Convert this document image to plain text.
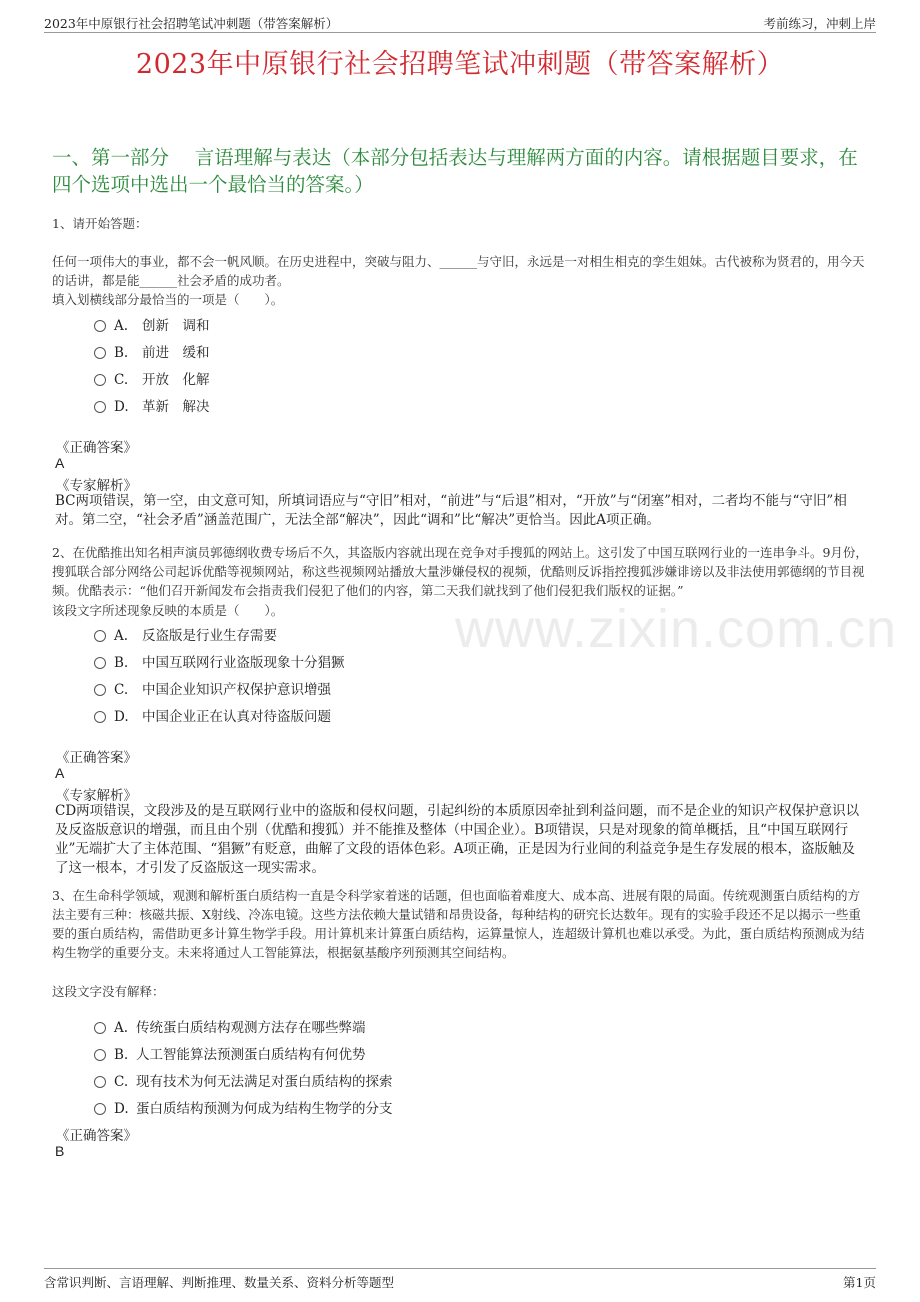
2023年中原银行社会招聘笔试冲刺题（带答案解析）	考前练习，冲刺上岸
2023年中原银行社会招聘笔试冲刺题（带答案解析）
一、第一部分　 言语理解与表达（本部分包括表达与理解两方面的内容。请根据题目要求，在四个选项中选出一个最恰当的答案。）

1、请开始答题：

任何一项伟大的事业，都不会一帆风顺。在历史进程中，突破与阻力、______与守旧，永远是一对相生相克的孪生姐妹。古代被称为贤君的，用今天的话讲，都是能______社会矛盾的成功者。

填入划横线部分最恰当的一项是（　　）。

A. 创新　调和
B. 前进　缓和
C. 开放　化解
D. 革新　解决
《正确答案》
A
《专家解析》

BC两项错误，第一空，由文意可知，所填词语应与“守旧”相对，“前进”与“后退”相对，“开放”与“闭塞”相对，二者均不能与“守旧”相对。第二空，“社会矛盾”涵盖范围广，无法全部“解决”，因此“调和”比“解决”更恰当。因此A项正确。

2、在优酷推出知名相声演员郭德纲收费专场后不久，其盗版内容就出现在竞争对手搜狐的网站上。这引发了中国互联网行业的一连串争斗。9月份，搜狐联合部分网络公司起诉优酷等视频网站，称这些视频网站播放大量涉嫌侵权的视频，优酷则反诉指控搜狐涉嫌诽谤以及非法使用郭德纲的节目视频。优酷表示：“他们召开新闻发布会指责我们侵犯了他们的内容，第二天我们就找到了他们侵犯我们版权的证据。”

该段文字所述现象反映的本质是（　　）。	www.zixin.com.cn
A. 反盗版是行业生存需要
B. 中国互联网行业盗版现象十分猖獗
C. 中国企业知识产权保护意识增强
D. 中国企业正在认真对待盗版问题
《正确答案》
A
《专家解析》

CD两项错误，文段涉及的是互联网行业中的盗版和侵权问题，引起纠纷的本质原因牵扯到利益问题，而不是企业的知识产权保护意识以及反盗版意识的增强，而且由个别（优酷和搜狐）并不能推及整体（中国企业）。B项错误，只是对现象的简单概括，且“中国互联网行业”无端扩大了主体范围、“猖獗”有贬意，曲解了文段的语体色彩。A项正确，正是因为行业间的利益竞争是生存发展的根本，盗版触及了这一根本，才引发了反盗版这一现实需求。

3、在生命科学领域，观测和解析蛋白质结构一直是令科学家着迷的话题，但也面临着难度大、成本高、进展有限的局面。传统观测蛋白质结构的方法主要有三种：核磁共振、X射线、冷冻电镜。这些方法依赖大量试错和昂贵设备，每种结构的研究长达数年。现有的实验手段还不足以揭示一些重要的蛋白质结构，需借助更多计算生物学手段。用计算机来计算蛋白质结构，运算量惊人，连超级计算机也难以承受。为此，蛋白质结构预测成为结构生物学的重要分支。未来将通过人工智能算法，根据氨基酸序列预测其空间结构。

这段文字没有解释：

A. 传统蛋白质结构观测方法存在哪些弊端
B. 人工智能算法预测蛋白质结构有何优势
C. 现有技术为何无法满足对蛋白质结构的探索
D. 蛋白质结构预测为何成为结构生物学的分支
《正确答案》
B
含常识判断、言语理解、判断推理、数量关系、资料分析等题型	第1页
